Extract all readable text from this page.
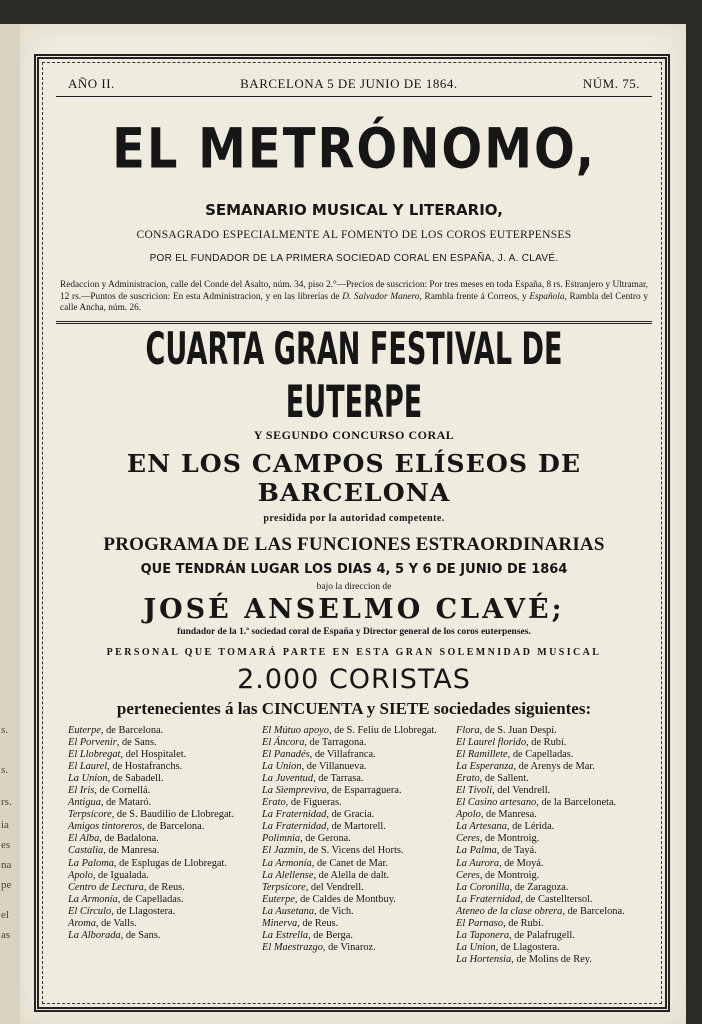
s.
s.
rs.
ia
es
na
pe
el
as
AÑO II.	BARCELONA 5 DE JUNIO DE 1864.	NÚM. 75.
EL METRÓNOMO,
SEMANARIO MUSICAL Y LITERARIO,
CONSAGRADO ESPECIALMENTE AL FOMENTO DE LOS COROS EUTERPENSES
POR EL FUNDADOR DE LA PRIMERA SOCIEDAD CORAL EN ESPAÑA, J. A. CLAVÉ.
Redaccion y Administracion, calle del Conde del Asalto, núm. 34, piso 2.°—Precios de suscricion: Por tres meses en toda España, 8 rs. Estranjero y Ultramar, 12 rs.—Puntos de suscricion: En esta Administracion, y en las librerías de D. Salvador Manero, Rambla frente á Correos, y Española, Rambla del Centro y calle Ancha, núm. 26.
CUARTA GRAN FESTIVAL DE EUTERPE
Y SEGUNDO CONCURSO CORAL
EN LOS CAMPOS ELÍSEOS DE BARCELONA
presidida por la autoridad competente.
PROGRAMA DE LAS FUNCIONES ESTRAORDINARIAS
QUE TENDRÁN LUGAR LOS DIAS 4, 5 Y 6 DE JUNIO DE 1864
bajo la direccion de
JOSÉ ANSELMO CLAVÉ;
fundador de la 1.ª sociedad coral de España y Director general de los coros euterpenses.
PERSONAL QUE TOMARÁ PARTE EN ESTA GRAN SOLEMNIDAD MUSICAL
2.000 CORISTAS
pertenecientes á las CINCUENTA y SIETE sociedades siguientes:
Euterpe, de Barcelona.
El Porvenir, de Sans.
El Llobregat, del Hospitalet.
El Laurel, de Hostafranchs.
La Union, de Sabadell.
El Iris, de Cornellá.
Antigua, de Mataró.
Terpsícore, de S. Baudilio de Llobregat.
Amigos tintoreros, de Barcelona.
El Alba, de Badalona.
Castalia, de Manresa.
La Paloma, de Esplugas de Llobregat.
Apolo, de Igualada.
Centro de Lectura, de Reus.
La Armonía, de Capelladas.
El Círculo, de Llagostera.
Aroma, de Valls.
La Alborada, de Sans.
El Mútuo apoyo, de S. Feliu de Llobregat.
El Áncora, de Tarragona.
El Panadés, de Villafranca.
La Union, de Villanueva.
La Juventud, de Tarrasa.
La Siempreviva, de Esparraguera.
Erato, de Figueras.
La Fraternidad, de Gracia.
La Fraternidad, de Martorell.
Polimnia, de Gerona.
El Jazmin, de S. Vicens del Horts.
La Armonía, de Canet de Mar.
La Alellense, de Alella de dalt.
Terpsícore, del Vendrell.
Euterpe, de Caldes de Montbuy.
La Ausetana, de Vich.
Minerva, de Reus.
La Estrella, de Bergа.
El Maestrazgo, de Vinaroz.
Flora, de S. Juan Despí.
El Laurel florido, de Rubí.
El Ramillete, de Capelladas.
La Esperanza, de Arenys de Mar.
Erato, de Sallent.
El Tívoli, del Vendrell.
El Casino artesano, de la Barceloneta.
Apolo, de Manresa.
La Artesana, de Lérida.
Ceres, de Montroig.
La Palma, de Tayá.
La Aurora, de Moyá.
Ceres, de Montroig.
La Coronilla, de Zaragoza.
La Fraternidad, de Castelltersol.
Ateneo de la clase obrera, de Barcelona.
El Parnaso, de Rubí.
La Taponera, de Palafrugell.
La Union, de Llagostera.
La Hortensia, de Molins de Rey.
